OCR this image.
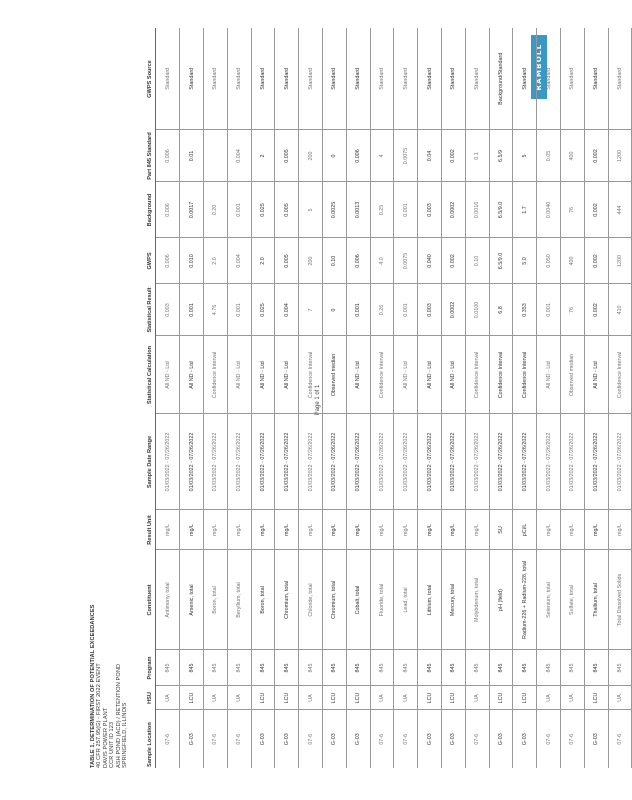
RAMBOLL
Page 1 of 1
TABLE 1. DETERMINATION OF POTENTIAL EXCEEDANCES 40 CFR 257.95(G) - FIRST 2022 EVENT DAVIS POWER PLANT CCR UNIT ID 123 ASH POND (ACD) / RETENTION POND SPRINGFIELD, ILLINOIS	Sample Location	HSU	Program	Constituent	Result Unit	Sample Date Range	Statistical Calculation	Statistical Result	GWPS	Background	Part 845 Standard	GWPS Source
07-6	UA	845	Antimony, total	mg/L	01/03/2022 - 07/26/2022	All ND - Ltd	0.003	0.006	0.006	0.006	Standard
G-03	LCU	845	Arsenic, total	mg/L	01/03/2022 - 07/26/2022	All ND - Ltd	0.001	0.010	0.0017	0.01	Standard
07-6	UA	845	Boron, total	mg/L	01/03/2022 - 07/26/2022	Confidence Interval	4.76	2.0	0.20		Standard
07-6	UA	845	Beryllium, total	mg/L	01/03/2022 - 07/26/2022	All ND - Ltd	0.001	0.004	0.001	0.004	Standard
G-03	LCU	845	Boron, total	mg/L	01/03/2022 - 07/26/2022	All ND - Ltd	0.025	2.0	0.025	2	Standard
G-03	LCU	845	Chromium, total	mg/L	01/03/2022 - 07/26/2022	All ND - Ltd	0.004	0.005	0.005	0.005	Standard
07-6	UA	845	Chloride, total	mg/L	01/03/2022 - 07/26/2022	Confidence Interval	7	200	5	200	Standard
G-03	LCU	845	Chromium, total	mg/L	01/03/2022 - 07/26/2022	Observed median	0	0.10	0.0025	0	Standard
G-03	LCU	845	Cobalt, total	mg/L	01/03/2022 - 07/26/2022	All ND - Ltd	0.001	0.006	0.0013	0.006	Standard
07-6	UA	845	Fluoride, total	mg/L	01/03/2022 - 07/26/2022	Confidence Interval	0.26	4.0	0.25	4	Standard
07-6	UA	845	Lead, total	mg/L	01/03/2022 - 07/26/2022	All ND - Ltd	0.001	0.0075	0.001	0.0075	Standard
G-03	LCU	845	Lithium, total	mg/L	01/03/2022 - 07/26/2022	All ND - Ltd	0.003	0.040	0.003	0.04	Standard
G-03	LCU	845	Mercury, total	mg/L	01/03/2022 - 07/26/2022	All ND - Ltd	0.0002	0.002	0.0002	0.002	Standard
07-6	UA	845	Molybdenum, total	mg/L	01/03/2022 - 07/26/2022	Confidence Interval	0.0100	0.10	0.0016	0.1	Standard
G-03	LCU	845	pH (field)	SU	01/03/2022 - 07/26/2022	Confidence Interval	6.8	6.5/9.0	6.5/9.0	6.5/9	Background/Standard
G-03	LCU	845	Radium-226 + Radium-228, total	pCi/L	01/03/2022 - 07/26/2022	Confidence Interval	0.353	5.0	1.7	5	Standard
07-6	UA	845	Selenium, total	mg/L	01/03/2022 - 07/26/2022	All ND - Ltd	0.001	0.050	0.0040	0.05	Standard
07-6	UA	845	Sulfate, total	mg/L	01/03/2022 - 07/26/2022	Observed median	76	400	76	400	Standard
G-03	LCU	845	Thallium, total	mg/L	01/03/2022 - 07/26/2022	All ND - Ltd	0.002	0.002	0.002	0.002	Standard
07-6	UA	845	Total Dissolved Solids	mg/L	01/03/2022 - 07/26/2022	Confidence Interval	410	1200	444	1200	Standard
